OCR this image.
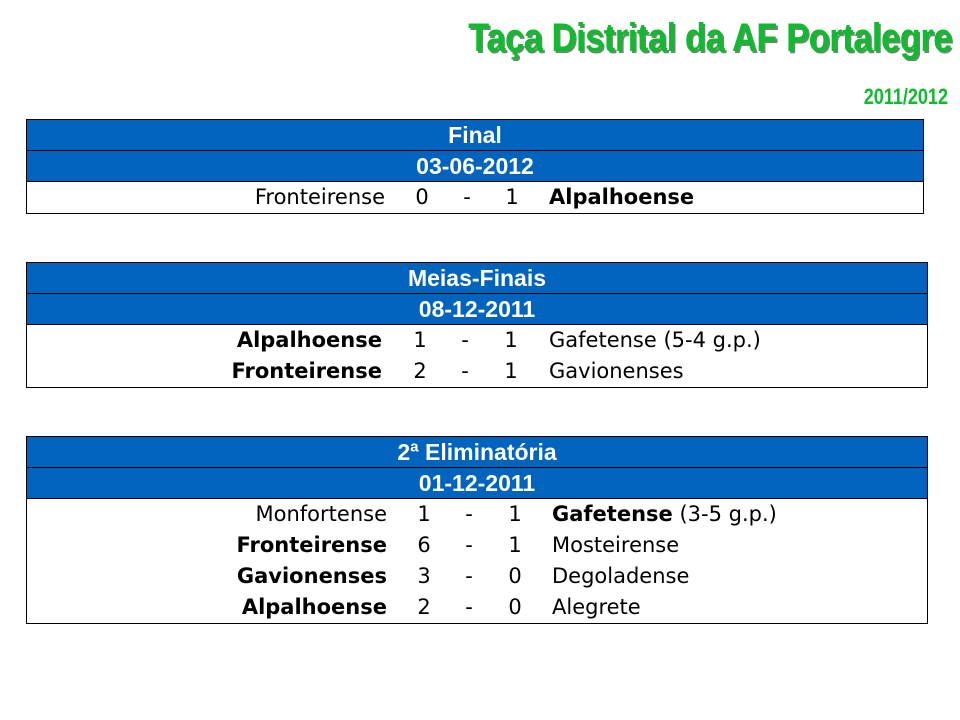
Taça Distrital da AF Portalegre
2011/2012
Final
03-06-2012
Fronteirense	0	-	1	Alpalhoense
Meias-Finais
08-12-2011
Alpalhoense	1	-	1	Gafetense (5-4 g.p.)
Fronteirense	2	-	1	Gavionenses
2ª Eliminatória
01-12-2011
Monfortense	1	-	1	Gafetense (3-5 g.p.)
Fronteirense	6	-	1	Mosteirense
Gavionenses	3	-	0	Degoladense
Alpalhoense	2	-	0	Alegrete
